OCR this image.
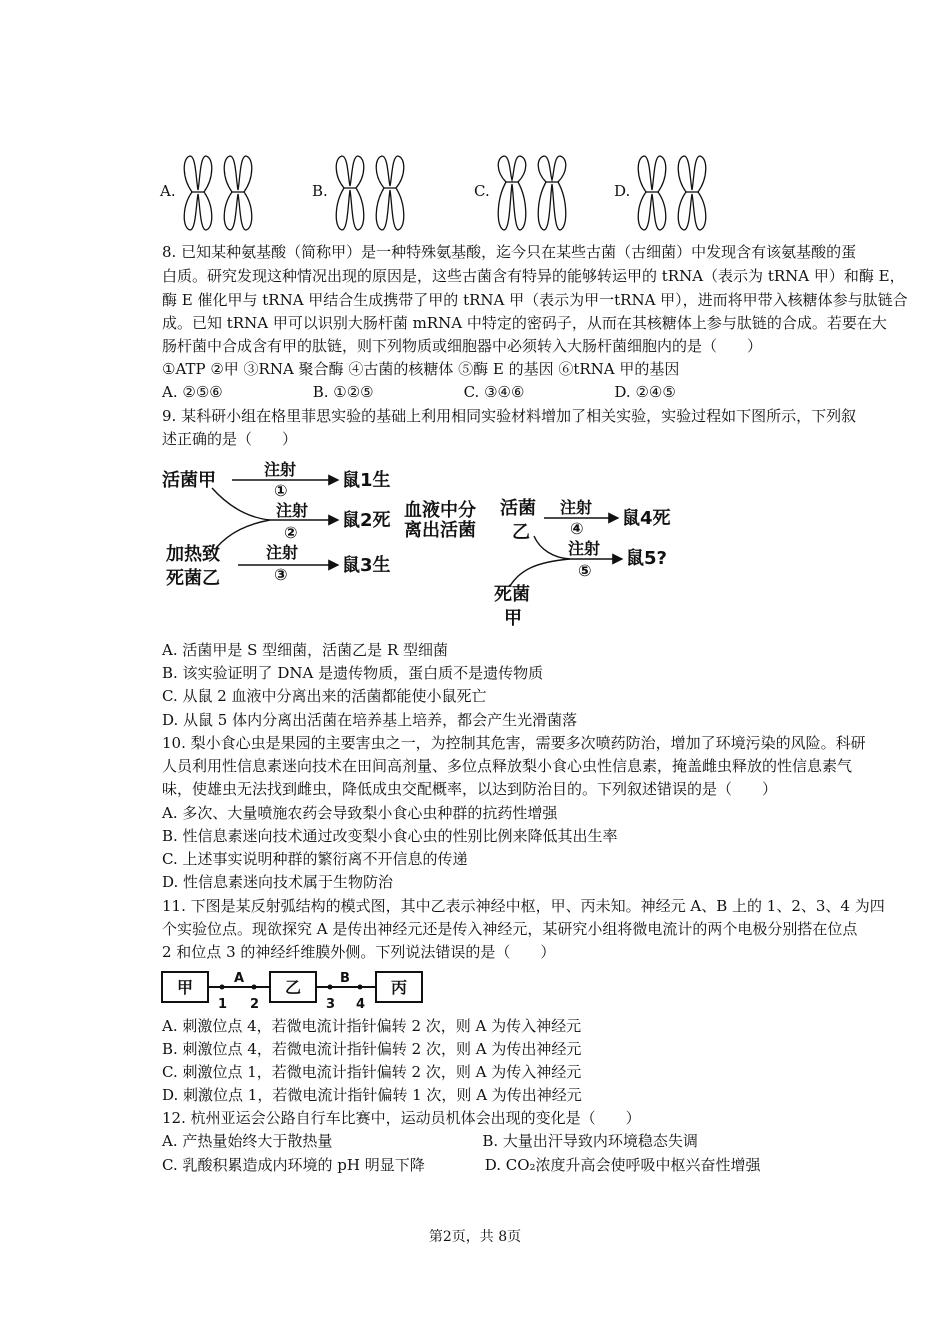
A.	B.	C.	D.
8. 已知某种氨基酸（简称甲）是一种特殊氨基酸，迄今只在某些古菌（古细菌）中发现含有该氨基酸的蛋
白质。研究发现这种情况出现的原因是，这些古菌含有特异的能够转运甲的 tRNA（表示为 tRNA 甲）和酶 E，
酶 E 催化甲与 tRNA 甲结合生成携带了甲的 tRNA 甲（表示为甲一tRNA 甲），进而将甲带入核糖体参与肽链合
成。已知 tRNA 甲可以识别大肠杆菌 mRNA 中特定的密码子，从而在其核糖体上参与肽链的合成。若要在大
肠杆菌中合成含有甲的肽链，则下列物质或细胞器中必须转入大肠杆菌细胞内的是（　　）
①ATP ②甲 ③RNA 聚合酶 ④古菌的核糖体 ⑤酶 E 的基因 ⑥tRNA 甲的基因
A. ②⑤⑥　　　　　　B. ①②⑤　　　　　　C. ③④⑥　　　　　　D. ②④⑤
9. 某科研小组在格里菲思实验的基础上利用相同实验材料增加了相关实验，实验过程如下图所示，下列叙
述正确的是（　　）
活菌甲
注射
①	鼠1生
注射
②
鼠2死 血液中分
离出活菌
活菌
乙
注射
④ 鼠4死
注射
⑤
鼠5?
加热致
死菌乙
注射
③	鼠3生
死菌
甲
A. 活菌甲是 S 型细菌，活菌乙是 R 型细菌
B. 该实验证明了 DNA 是遗传物质，蛋白质不是遗传物质
C. 从鼠 2 血液中分离出来的活菌都能使小鼠死亡
D. 从鼠 5 体内分离出活菌在培养基上培养，都会产生光滑菌落
10. 梨小食心虫是果园的主要害虫之一，为控制其危害，需要多次喷药防治，增加了环境污染的风险。科研
人员利用性信息素迷向技术在田间高剂量、多位点释放梨小食心虫性信息素，掩盖雌虫释放的性信息素气
味，使雄虫无法找到雌虫，降低成虫交配概率，以达到防治目的。下列叙述错误的是（　　）
A. 多次、大量喷施农药会导致梨小食心虫种群的抗药性增强
B. 性信息素迷向技术通过改变梨小食心虫的性别比例来降低其出生率
C. 上述事实说明种群的繁衍离不开信息的传递
D. 性信息素迷向技术属于生物防治
11. 下图是某反射弧结构的模式图，其中乙表示神经中枢，甲、丙未知。神经元 A、B 上的 1、2、3、4 为四
个实验位点。现欲探究 A 是传出神经元还是传入神经元，某研究小组将微电流计的两个电极分别搭在位点
2 和位点 3 的神经纤维膜外侧。下列说法错误的是（　　）
甲	乙	丙
A	B
1 2	3 4
A. 刺激位点 4，若微电流计指针偏转 2 次，则 A 为传入神经元
B. 刺激位点 4，若微电流计指针偏转 2 次，则 A 为传出神经元
C. 刺激位点 1，若微电流计指针偏转 2 次，则 A 为传入神经元
D. 刺激位点 1，若微电流计指针偏转 1 次，则 A 为传出神经元
12. 杭州亚运会公路自行车比赛中，运动员机体会出现的变化是（　　）
A. 产热量始终大于散热量　　　　　　　　　　B. 大量出汗导致内环境稳态失调
C. 乳酸积累造成内环境的 pH 明显下降　　　　D. CO₂浓度升高会使呼吸中枢兴奋性增强
第2页，共 8页
